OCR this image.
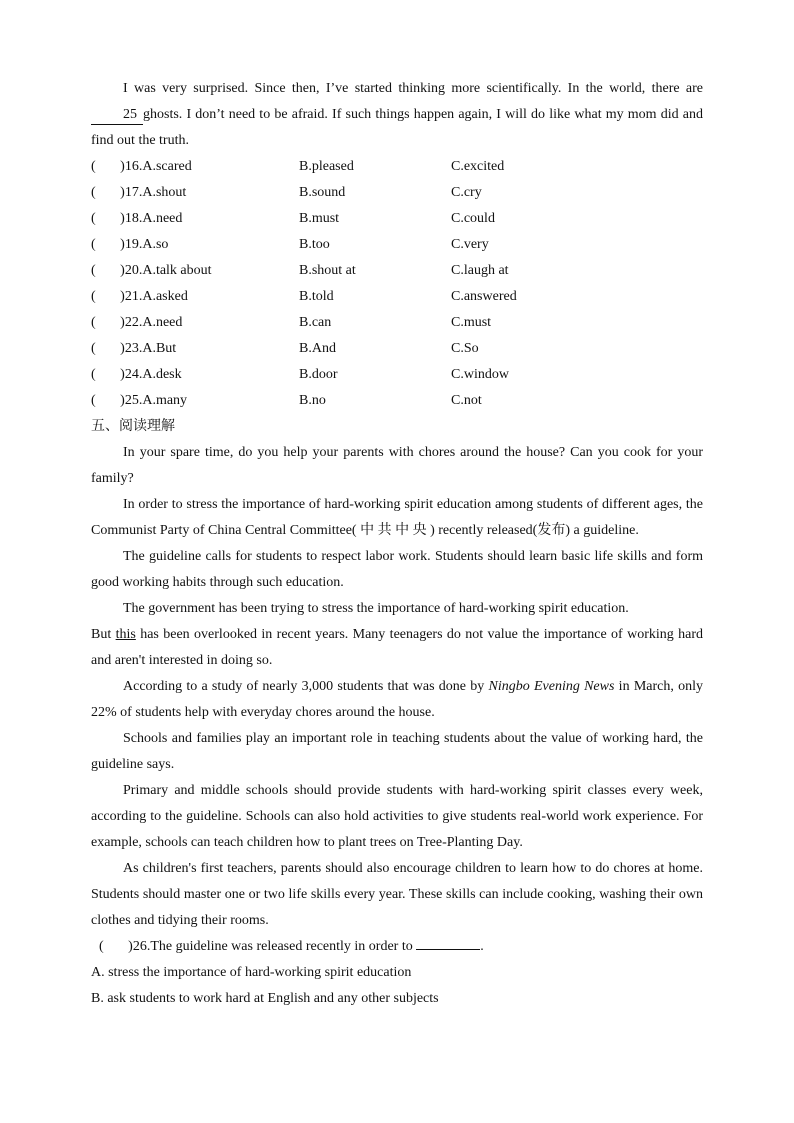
I was very surprised. Since then, I’ve started thinking more scientifically. In the world, there are 25 ghosts. I don’t need to be afraid. If such things happen again, I will do like what my mom did and find out the truth.

(       )16.A.scared	B.pleased	C.excited
(       )17.A.shout	B.sound	C.cry
(       )18.A.need	B.must	C.could
(       )19.A.so	B.too	C.very
(       )20.A.talk about	B.shout at	C.laugh at
(       )21.A.asked	B.told	C.answered
(       )22.A.need	B.can	C.must
(       )23.A.But	B.And	C.So
(       )24.A.desk	B.door	C.window
(       )25.A.many	B.no	C.not
五、阅读理解

In your spare time, do you help your parents with chores around the house? Can you cook for your family?

In order to stress the importance of hard-working spirit education among students of different ages, the Communist Party of China Central Committee( 中 共 中 央 ) recently released(发布) a guideline.

The guideline calls for students to respect labor work. Students should learn basic life skills and form good working habits through such education.

The government has been trying to stress the importance of hard-working spirit education.

But this has been overlooked in recent years. Many teenagers do not value the importance of working hard and aren't interested in doing so.

According to a study of nearly 3,000 students that was done by Ningbo Evening News in March, only 22% of students help with everyday chores around the house.

Schools and families play an important role in teaching students about the value of working hard, the guideline says.

Primary and middle schools should provide students with hard-working spirit classes every week, according to the guideline. Schools can also hold activities to give students real-world work experience. For example, schools can teach children how to plant trees on Tree-Planting Day.

As children's first teachers, parents should also encourage children to learn how to do chores at home. Students should master one or two life skills every year. These skills can include cooking, washing their own clothes and tidying their rooms.

(       )26.The guideline was released recently in order to	.
A. stress the importance of hard-working spirit education
B. ask students to work hard at English and any other subjects
